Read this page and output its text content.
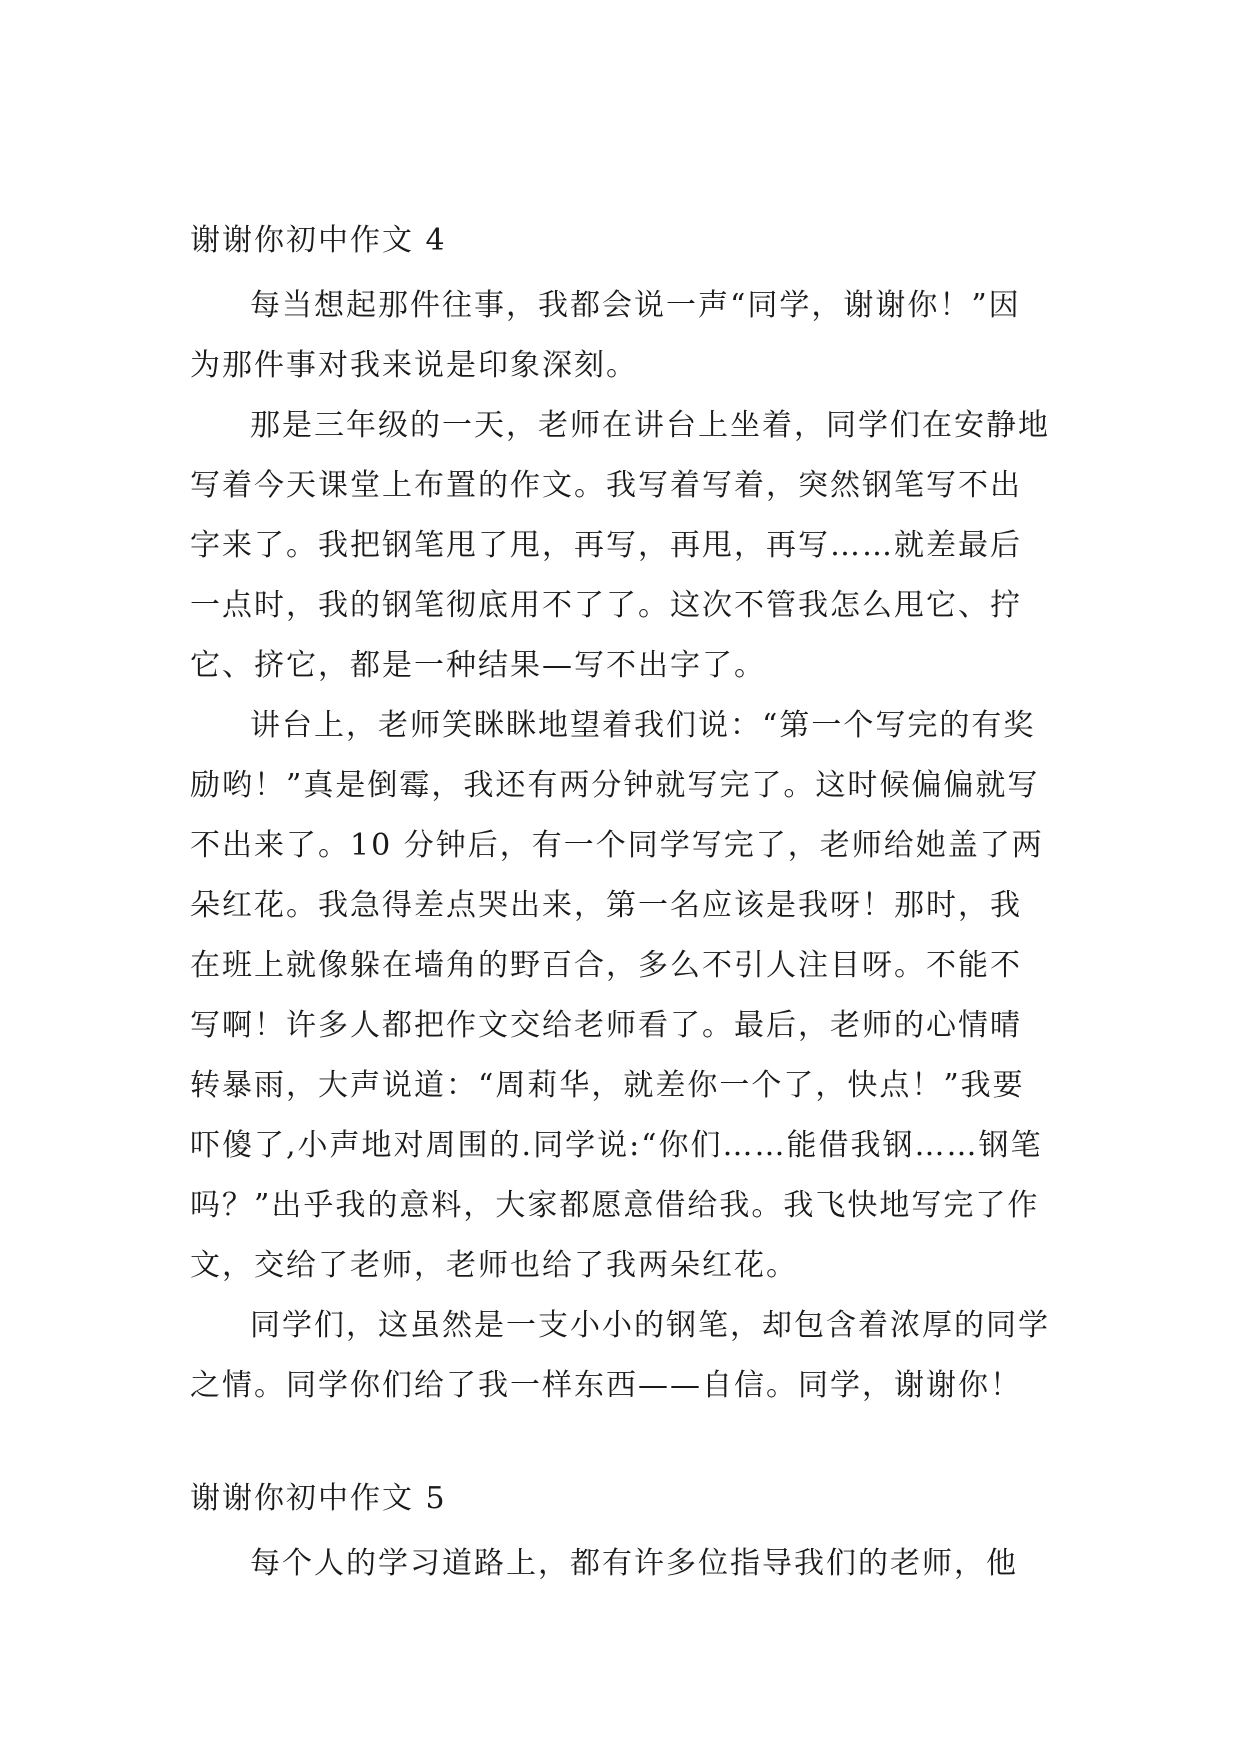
谢谢你初中作文 4

每当想起那件往事，我都会说一声“同学，谢谢你！”因为那件事对我来说是印象深刻。

那是三年级的一天，老师在讲台上坐着，同学们在安静地写着今天课堂上布置的作文。我写着写着，突然钢笔写不出字来了。我把钢笔甩了甩，再写，再甩，再写……就差最后一点时，我的钢笔彻底用不了了。这次不管我怎么甩它、拧它、挤它，都是一种结果—写不出字了。

讲台上，老师笑眯眯地望着我们说：“第一个写完的有奖励哟！”真是倒霉，我还有两分钟就写完了。这时候偏偏就写不出来了。10 分钟后，有一个同学写完了，老师给她盖了两朵红花。我急得差点哭出来，第一名应该是我呀！那时，我在班上就像躲在墙角的野百合，多么不引人注目呀。不能不写啊！许多人都把作文交给老师看了。最后，老师的心情晴转暴雨，大声说道：“周莉华，就差你一个了，快点！”我要吓傻了,小声地对周围的.同学说:“你们……能借我钢……钢笔吗？”出乎我的意料，大家都愿意借给我。我飞快地写完了作文，交给了老师，老师也给了我两朵红花。

同学们，这虽然是一支小小的钢笔，却包含着浓厚的同学之情。同学你们给了我一样东西——自信。同学，谢谢你！

谢谢你初中作文 5

每个人的学习道路上，都有许多位指导我们的老师，他
